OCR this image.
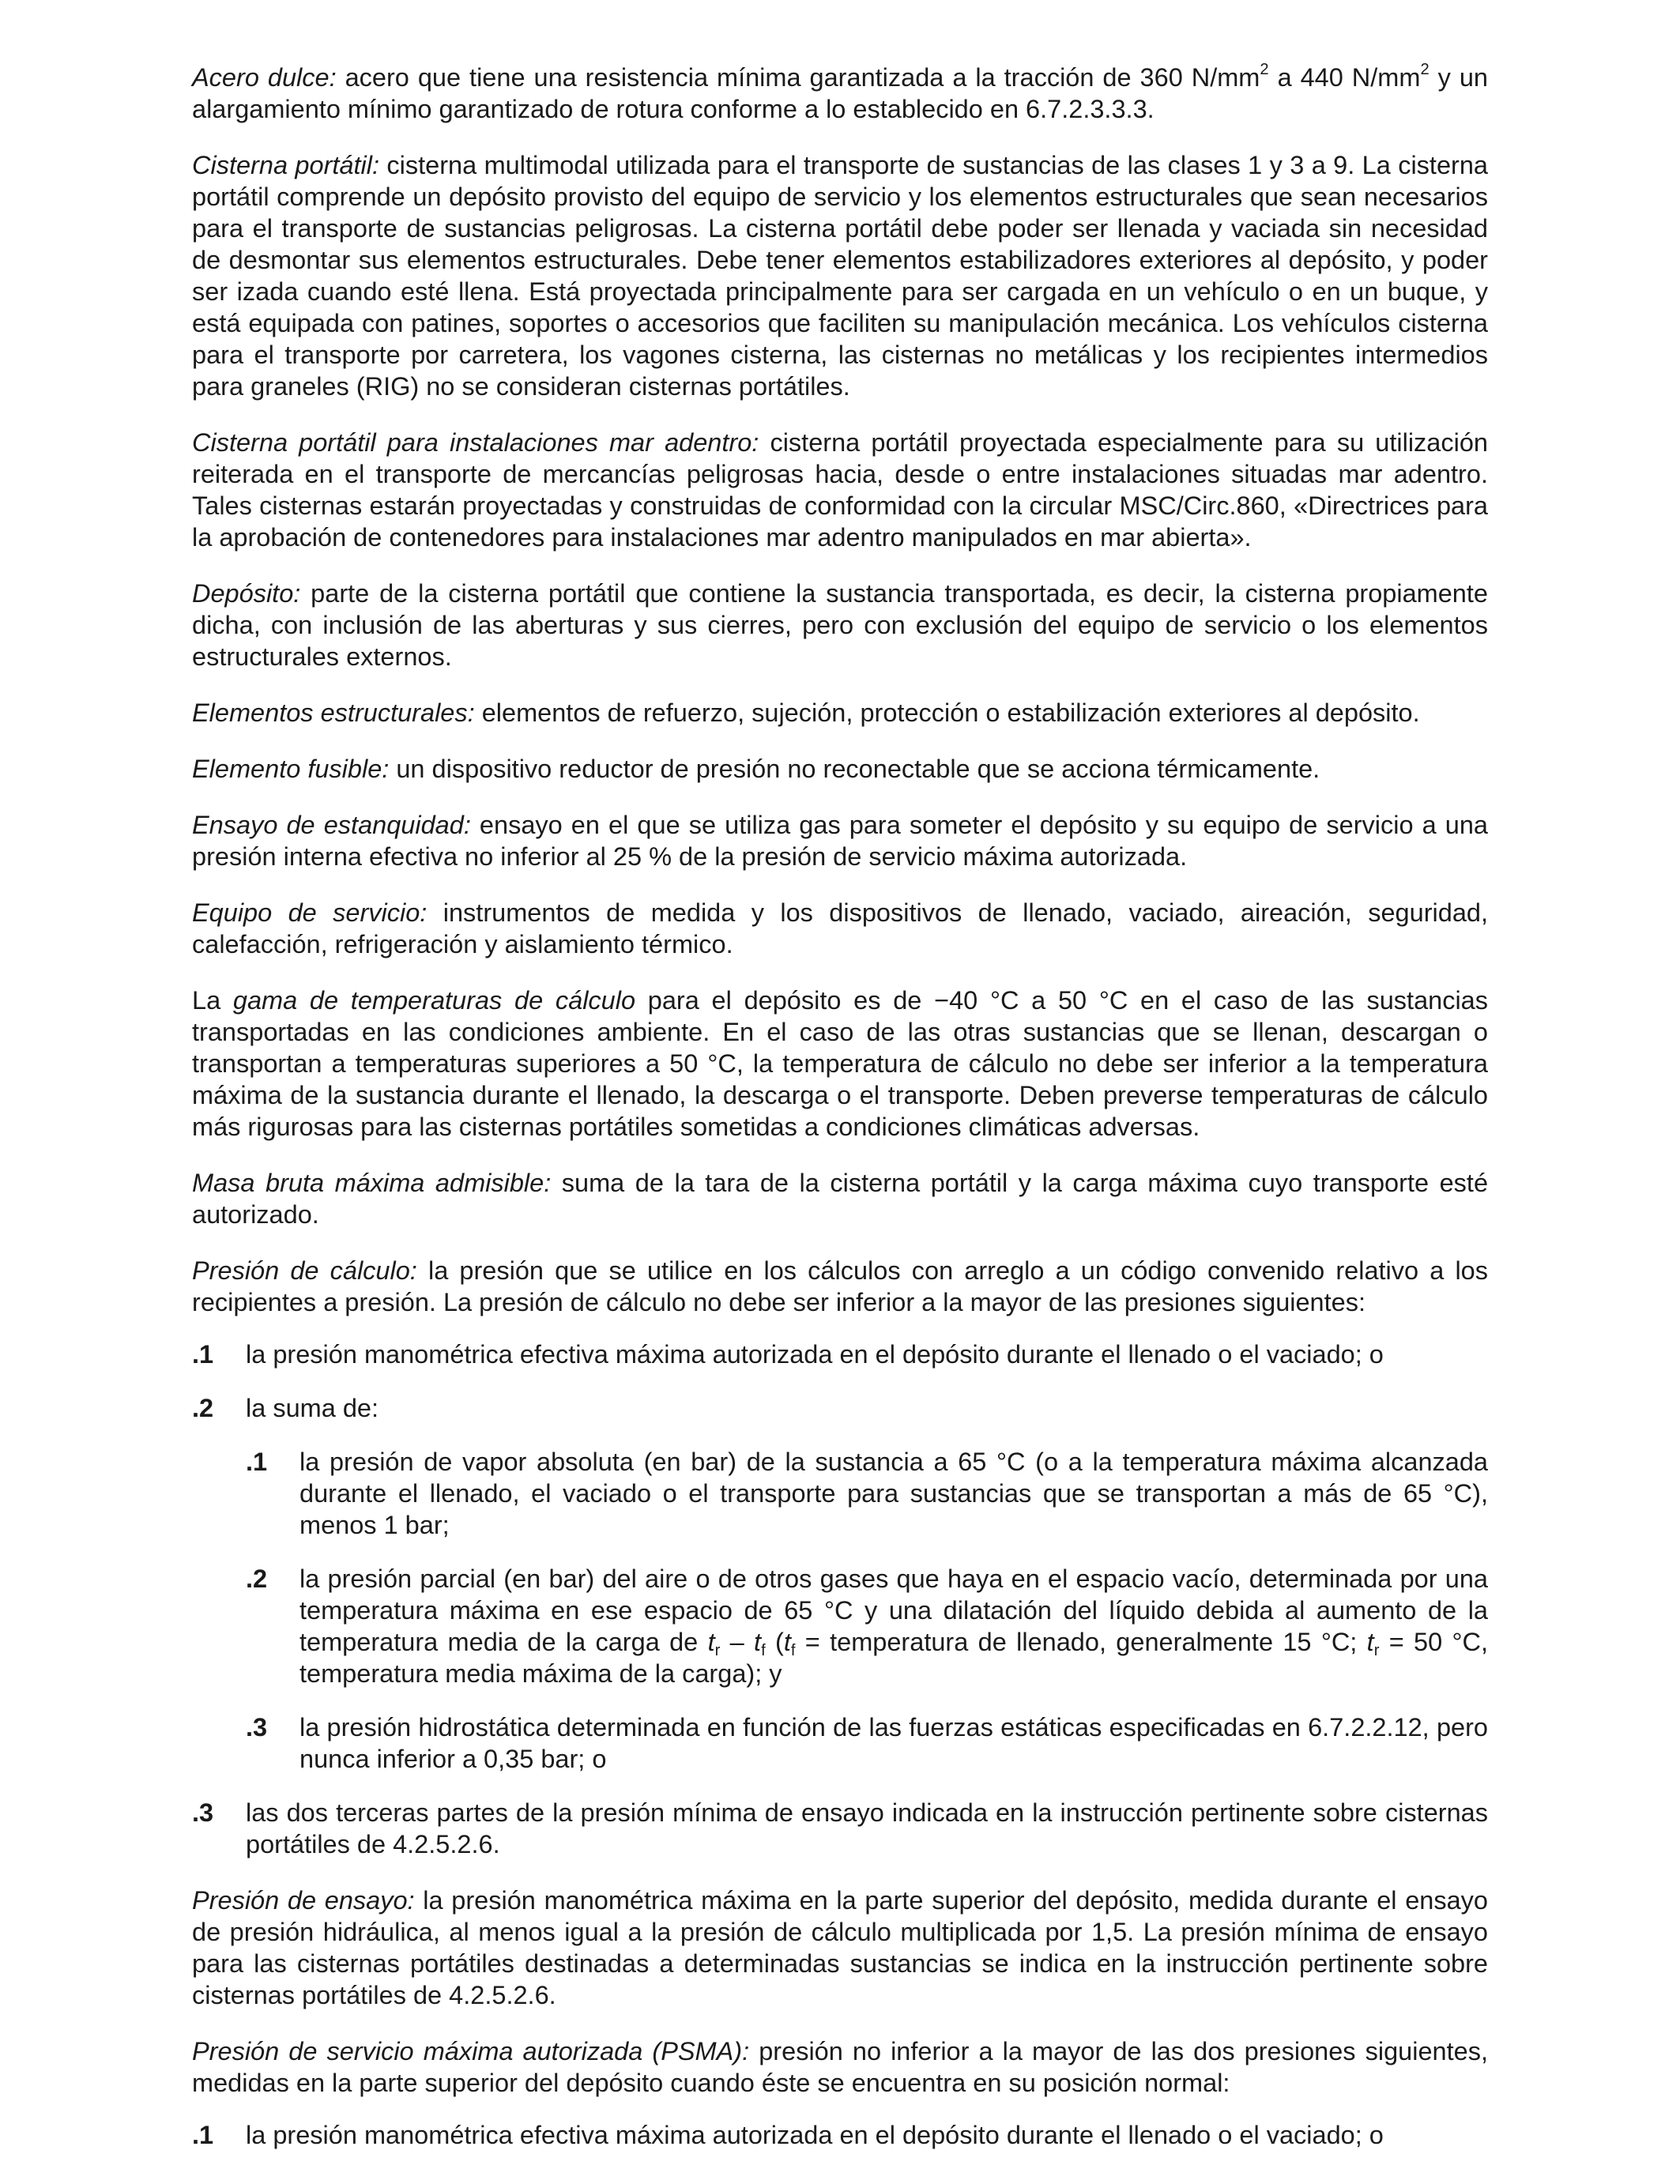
Acero dulce: acero que tiene una resistencia mínima garantizada a la tracción de 360 $N/mm^2$ a 440 $N/mm^2$ y un alargamiento mínimo garantizado de rotura conforme a lo establecido en 6.7.2.3.3.3.

Cisterna portátil: cisterna multimodal utilizada para el transporte de sustancias de las clases 1 y 3 a 9. La cisterna portátil comprende un depósito provisto del equipo de servicio y los elementos estructurales que sean necesarios para el transporte de sustancias peligrosas. La cisterna portátil debe poder ser llenada y vaciada sin necesidad de desmontar sus elementos estructurales. Debe tener elementos estabilizadores exteriores al depósito, y poder ser izada cuando esté llena. Está proyectada principalmente para ser cargada en un vehículo o en un buque, y está equipada con patines, soportes o accesorios que faciliten su manipulación mecánica. Los vehículos cisterna para el transporte por carretera, los vagones cisterna, las cisternas no metálicas y los recipientes intermedios para graneles (RIG) no se consideran cisternas portátiles.

Cisterna portátil para instalaciones mar adentro: cisterna portátil proyectada especialmente para su utilización reiterada en el transporte de mercancías peligrosas hacia, desde o entre instalaciones situadas mar adentro. Tales cisternas estarán proyectadas y construidas de conformidad con la circular MSC/Circ.860, «Directrices para la aprobación de contenedores para instalaciones mar adentro manipulados en mar abierta».

Depósito: parte de la cisterna portátil que contiene la sustancia transportada, es decir, la cisterna propiamente dicha, con inclusión de las aberturas y sus cierres, pero con exclusión del equipo de servicio o los elementos estructurales externos.

Elementos estructurales: elementos de refuerzo, sujeción, protección o estabilización exteriores al depósito.

Elemento fusible: un dispositivo reductor de presión no reconectable que se acciona térmicamente.

Ensayo de estanquidad: ensayo en el que se utiliza gas para someter el depósito y su equipo de servicio a una presión interna efectiva no inferior al 25 % de la presión de servicio máxima autorizada.

Equipo de servicio: instrumentos de medida y los dispositivos de llenado, vaciado, aireación, seguridad, calefacción, refrigeración y aislamiento térmico.

La gama de temperaturas de cálculo para el depósito es de −40 °C a 50 °C en el caso de las sustancias transportadas en las condiciones ambiente. En el caso de las otras sustancias que se llenan, descargan o transportan a temperaturas superiores a 50 °C, la temperatura de cálculo no debe ser inferior a la temperatura máxima de la sustancia durante el llenado, la descarga o el transporte. Deben preverse temperaturas de cálculo más rigurosas para las cisternas portátiles sometidas a condiciones climáticas adversas.

Masa bruta máxima admisible: suma de la tara de la cisterna portátil y la carga máxima cuyo transporte esté autorizado.

Presión de cálculo: la presión que se utilice en los cálculos con arreglo a un código convenido relativo a los recipientes a presión. La presión de cálculo no debe ser inferior a la mayor de las presiones siguientes:

.1	la presión manométrica efectiva máxima autorizada en el depósito durante el llenado o el vaciado; o
.2	la suma de:
.1	la presión de vapor absoluta (en bar) de la sustancia a 65 °C (o a la temperatura máxima alcanzada durante el llenado, el vaciado o el transporte para sustancias que se transportan a más de 65 °C), menos 1 bar;
.2	la presión parcial (en bar) del aire o de otros gases que haya en el espacio vacío, determinada por una temperatura máxima en ese espacio de 65 °C y una dilatación del líquido debida al aumento de la temperatura media de la carga de $t_r - t_f$ ($t_f$ = temperatura de llenado, generalmente 15 °C; $t_r = 50$ °C, temperatura media máxima de la carga); y
.3	la presión hidrostática determinada en función de las fuerzas estáticas especificadas en 6.7.2.2.12, pero nunca inferior a 0,35 bar; o
.3	las dos terceras partes de la presión mínima de ensayo indicada en la instrucción pertinente sobre cisternas portátiles de 4.2.5.2.6.

Presión de ensayo: la presión manométrica máxima en la parte superior del depósito, medida durante el ensayo de presión hidráulica, al menos igual a la presión de cálculo multiplicada por 1,5. La presión mínima de ensayo para las cisternas portátiles destinadas a determinadas sustancias se indica en la instrucción pertinente sobre cisternas portátiles de 4.2.5.2.6.

Presión de servicio máxima autorizada (PSMA): presión no inferior a la mayor de las dos presiones siguientes, medidas en la parte superior del depósito cuando éste se encuentra en su posición normal:

.1	la presión manométrica efectiva máxima autorizada en el depósito durante el llenado o el vaciado; o
